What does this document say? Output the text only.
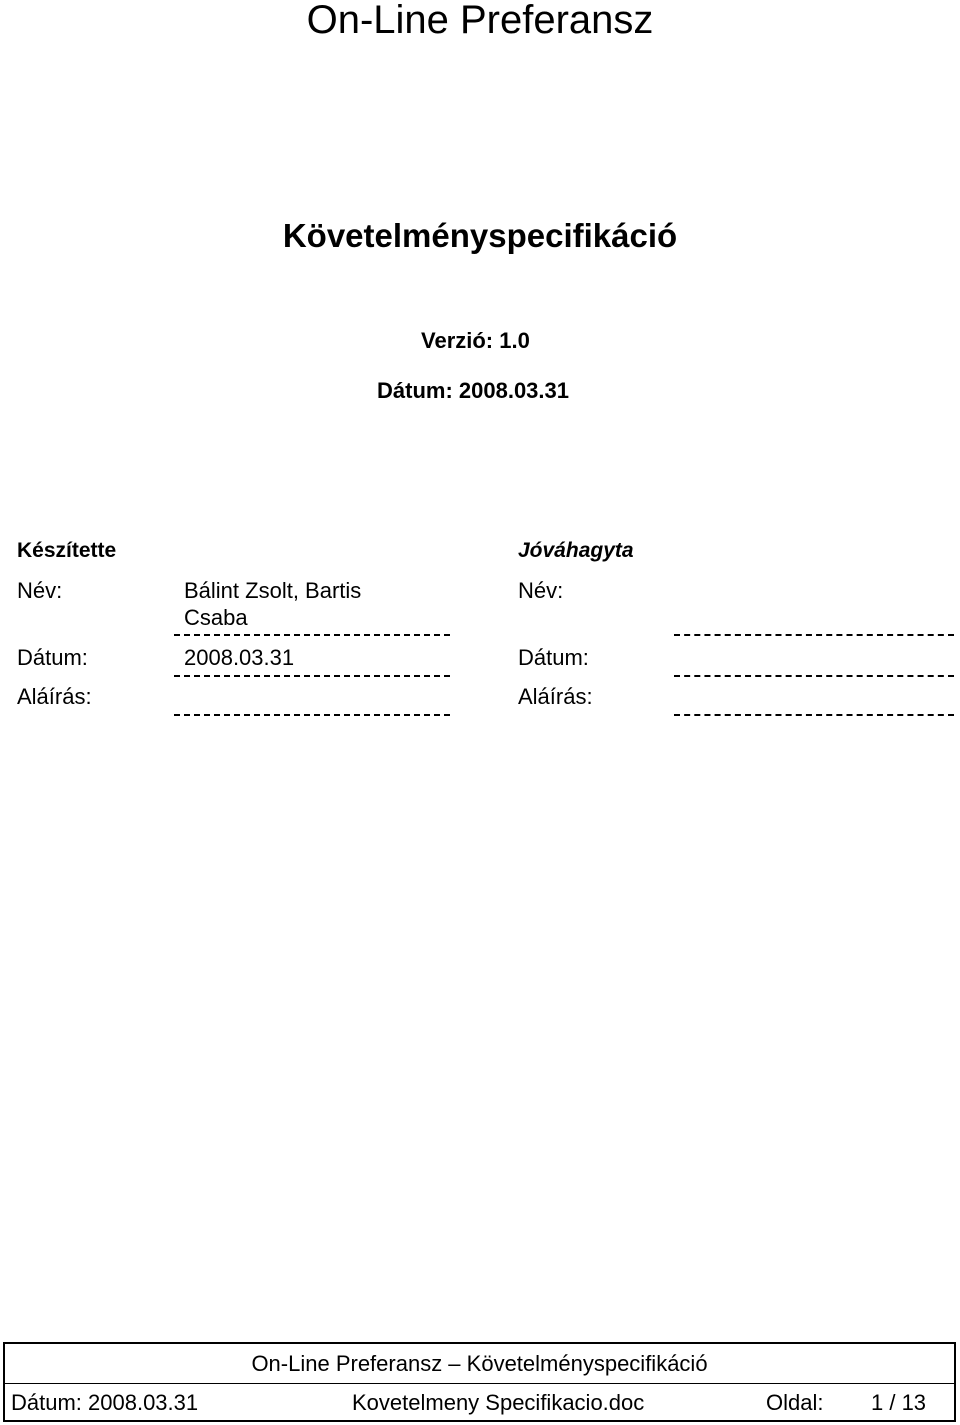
On-Line Preferansz
Követelményspecifikáció
Verzió: 1.0
Dátum: 2008.03.31
Készítette
Név:	Bálint Zsolt, Bartis Csaba
Dátum:	2008.03.31
Aláírás:
Jóváhagyta
Név:
Dátum:
Aláírás:
On-Line Preferansz – Követelményspecifikáció
Dátum: 2008.03.31	Kovetelmeny Specifikacio.doc	Oldal: 1 / 13
